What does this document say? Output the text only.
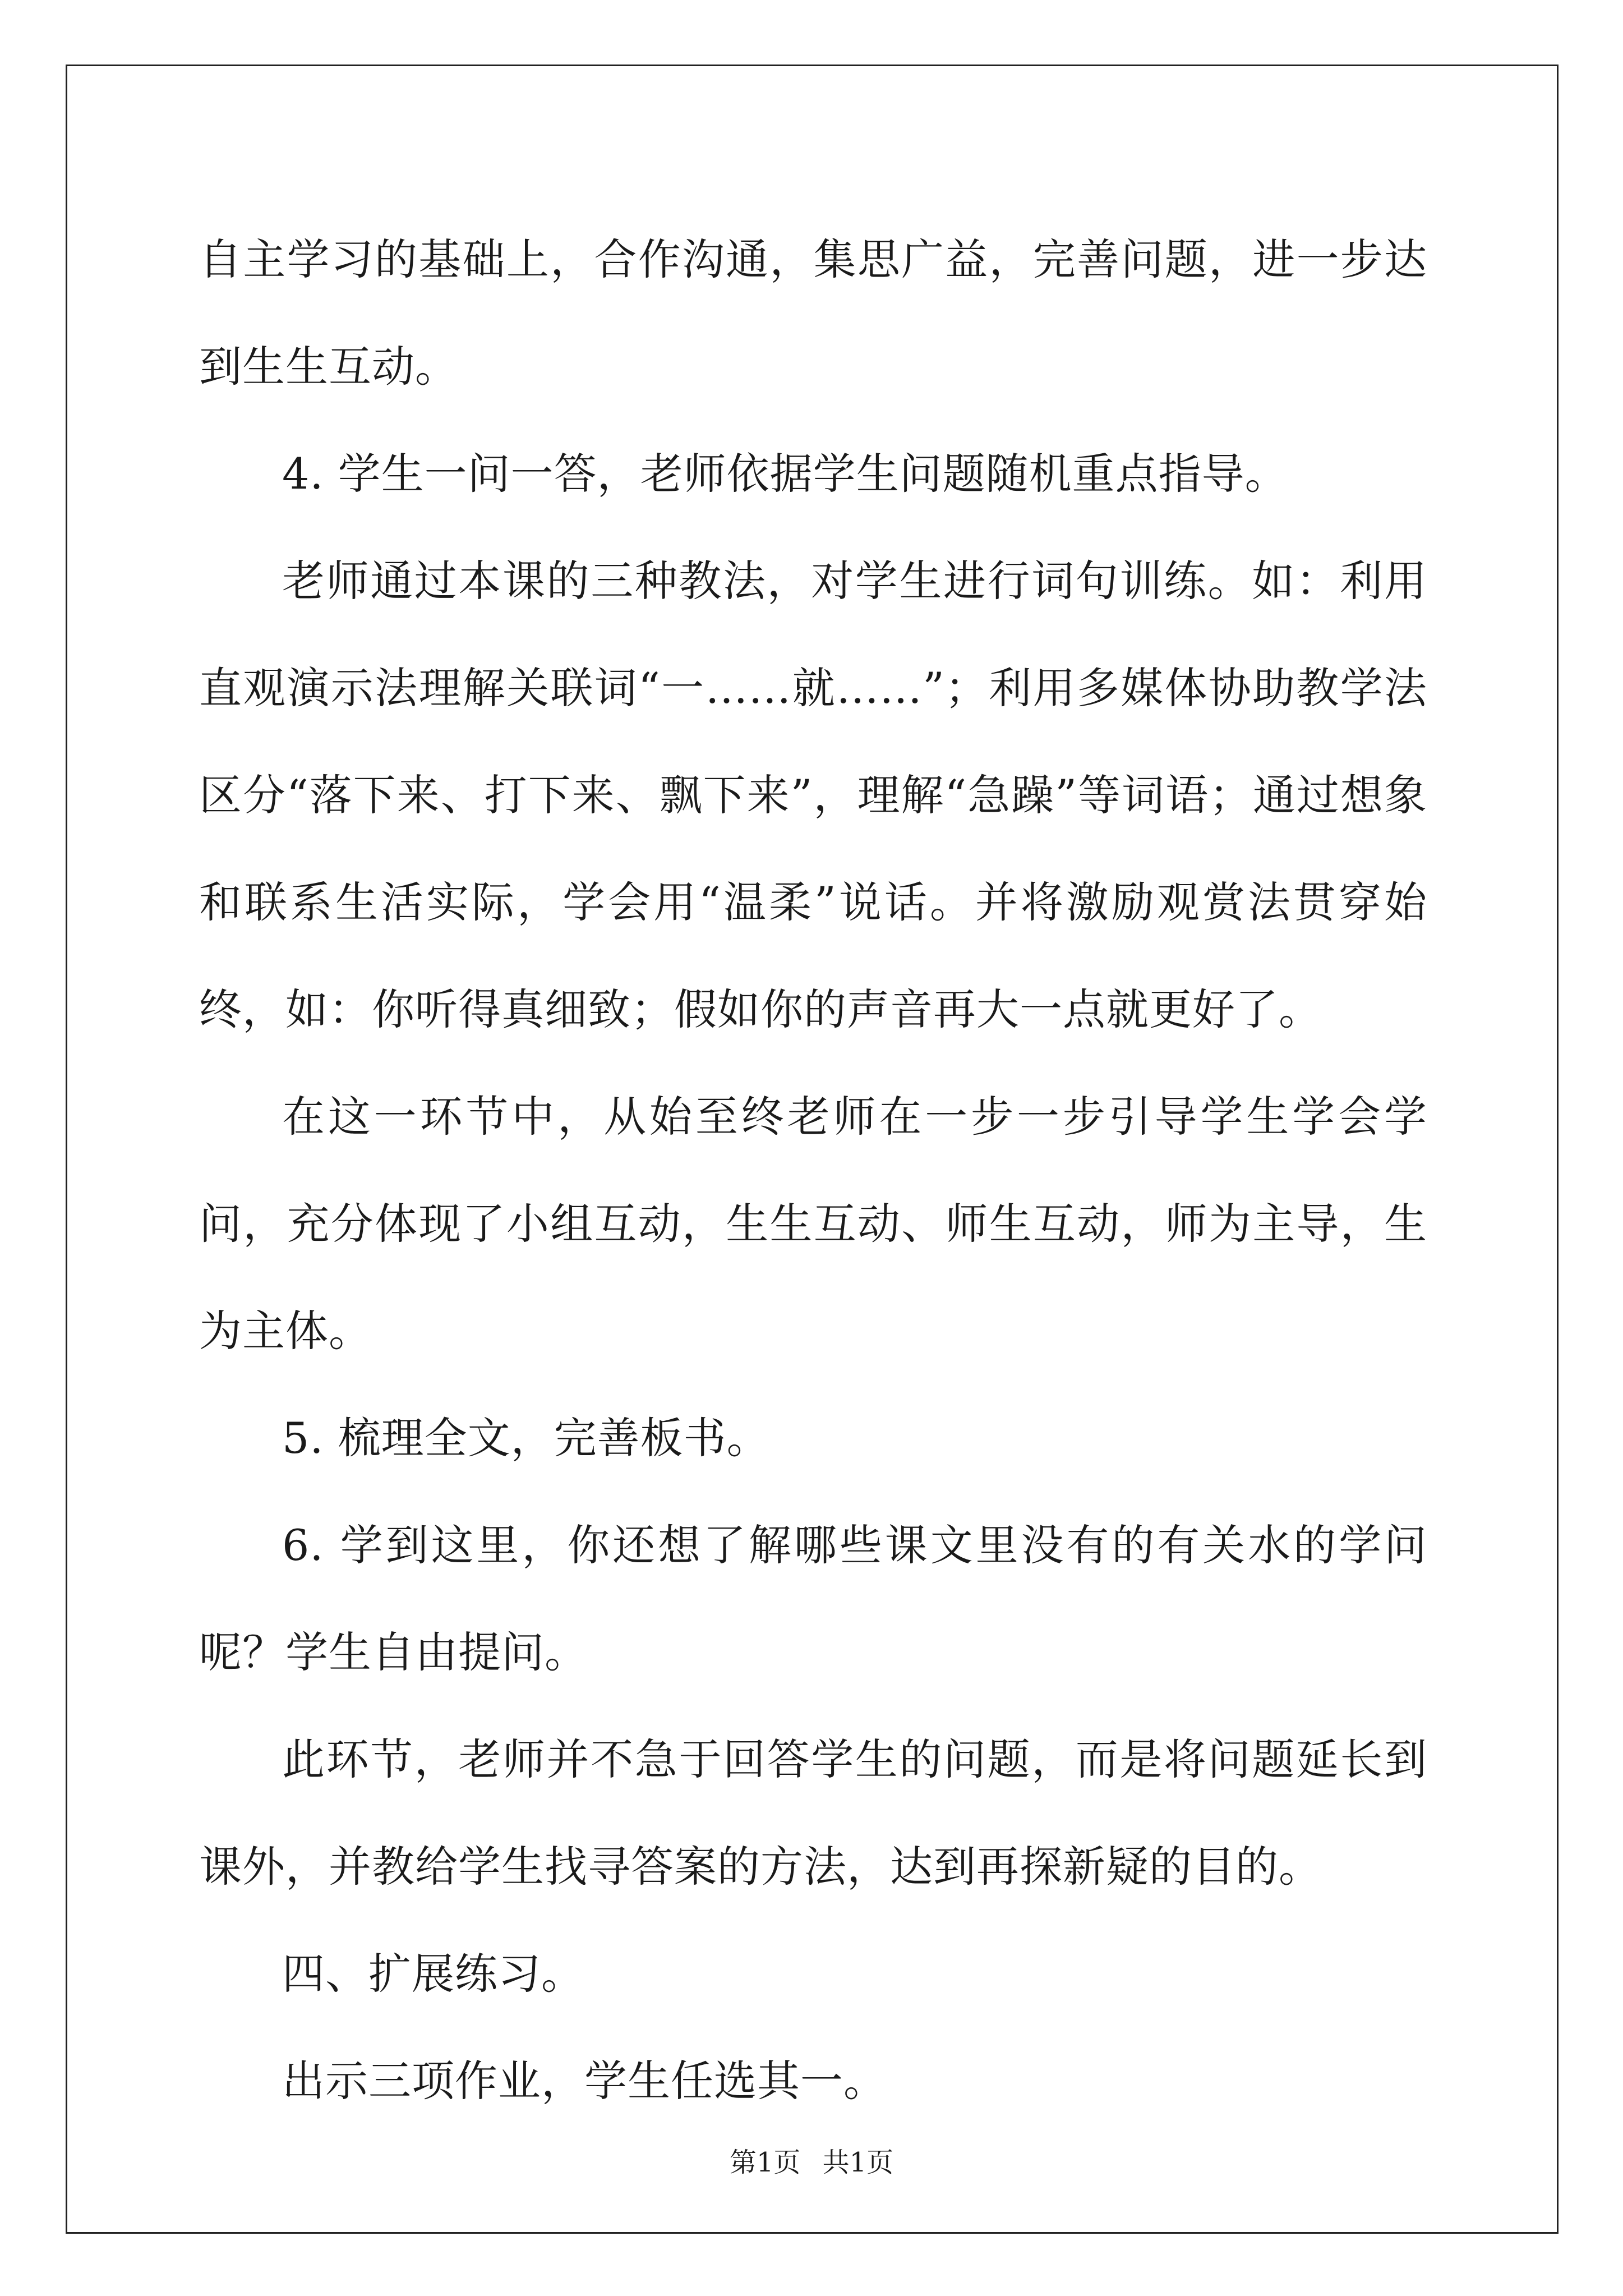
自主学习的基础上，合作沟通，集思广益，完善问题，进一步达到生生互动。

4. 学生一问一答，老师依据学生问题随机重点指导。

老师通过本课的三种教法，对学生进行词句训练。如：利用直观演示法理解关联词“一……就……”；利用多媒体协助教学法区分“落下来、打下来、飘下来”，理解“急躁”等词语；通过想象和联系生活实际，学会用“温柔”说话。并将激励观赏法贯穿始终，如：你听得真细致；假如你的声音再大一点就更好了。

在这一环节中，从始至终老师在一步一步引导学生学会学问，充分体现了小组互动，生生互动、师生互动，师为主导，生为主体。

5. 梳理全文，完善板书。

6. 学到这里，你还想了解哪些课文里没有的有关水的学问呢？学生自由提问。

此环节，老师并不急于回答学生的问题，而是将问题延长到课外，并教给学生找寻答案的方法，达到再探新疑的目的。

四、扩展练习。

出示三项作业，学生任选其一。

第1页 共1页
